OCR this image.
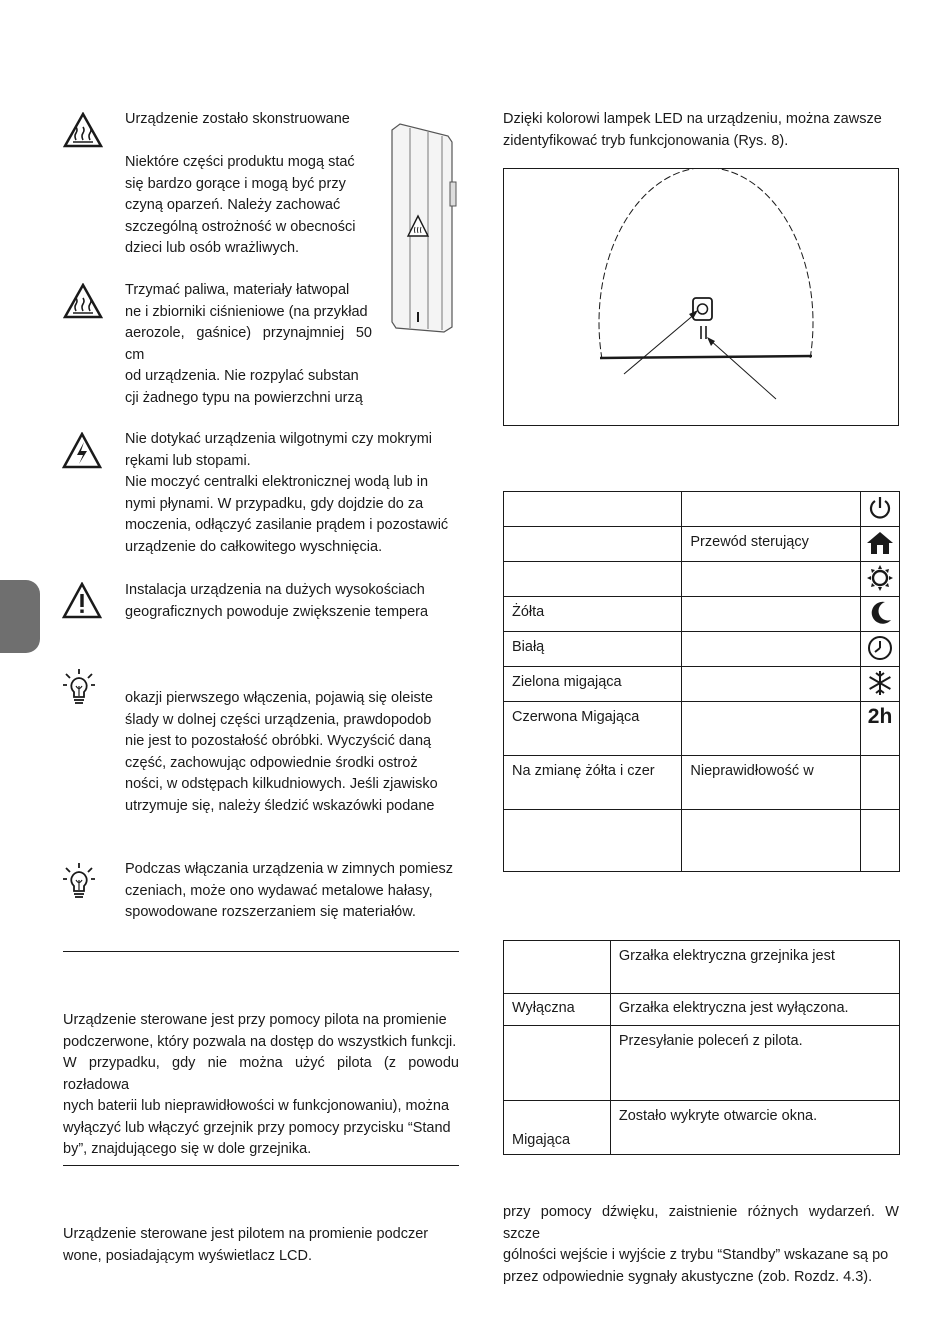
Urządzenie zostało skonstruowane

Niektóre części produktu mogą stać
się bardzo gorące i mogą być przy
czyną oparzeń. Należy zachować
szczególną ostrożność w obecności
dzieci lub osób wrażliwych.
Trzymać paliwa, materiały łatwopal
ne i zbiorniki ciśnieniowe (na przykład
aerozole, gaśnice) przynajmniej 50 cm
od urządzenia. Nie rozpylać substan
cji żadnego typu na powierzchni urzą
Nie dotykać urządzenia wilgotnymi czy mokrymi
rękami lub stopami.
Nie moczyć centralki elektronicznej wodą lub in
nymi płynami. W przypadku, gdy dojdzie do za
moczenia, odłączyć zasilanie prądem i pozostawić
urządzenie do całkowitego wyschnięcia.
Instalacja urządzenia na dużych wysokościach
geograficznych powoduje zwiększenie tempera
okazji pierwszego włączenia, pojawią się oleiste
ślady w dolnej części urządzenia, prawdopodob
nie jest to pozostałość obróbki. Wyczyścić daną
część, zachowując odpowiednie środki ostroż
ności, w odstępach kilkudniowych. Jeśli zjawisko
utrzymuje się, należy śledzić wskazówki podane
Podczas włączania urządzenia w zimnych pomiesz
czeniach, może ono wydawać metalowe hałasy,
spowodowane rozszerzaniem się materiałów.
Urządzenie sterowane jest przy pomocy pilota na promienie
podczerwone, który pozwala na dostęp do wszystkich funkcji.
W przypadku, gdy nie można użyć pilota (z powodu rozładowa
nych baterii lub nieprawidłowości w funkcjonowaniu), można
wyłączyć lub włączyć grzejnik przy pomocy przycisku “Stand
by”, znajdującego się w dole grzejnika.
Urządzenie sterowane jest pilotem na promienie podczer
wone, posiadającym wyświetlacz LCD.
Dzięki kolorowi lampek LED na urządzeniu, można zawsze
zidentyfikować tryb funkcjonowania (Rys. 8).

	Przewód sterujący	

Żółta		
Białą		
Zielona migająca		
Czerwona Migająca		2h
Na zmianę żółta i czer	Nieprawidłowość w	

	Grzałka elektryczna grzejnika jest
Wyłączna	Grzałka elektryczna jest wyłączona.
	Przesyłanie poleceń z pilota.
Migająca	Zostało wykryte otwarcie okna.
przy pomocy dźwięku, zaistnienie różnych wydarzeń. W szcze
gólności wejście i wyjście z trybu “Standby” wskazane są po
przez odpowiednie sygnały akustyczne (zob. Rozdz. 4.3).
